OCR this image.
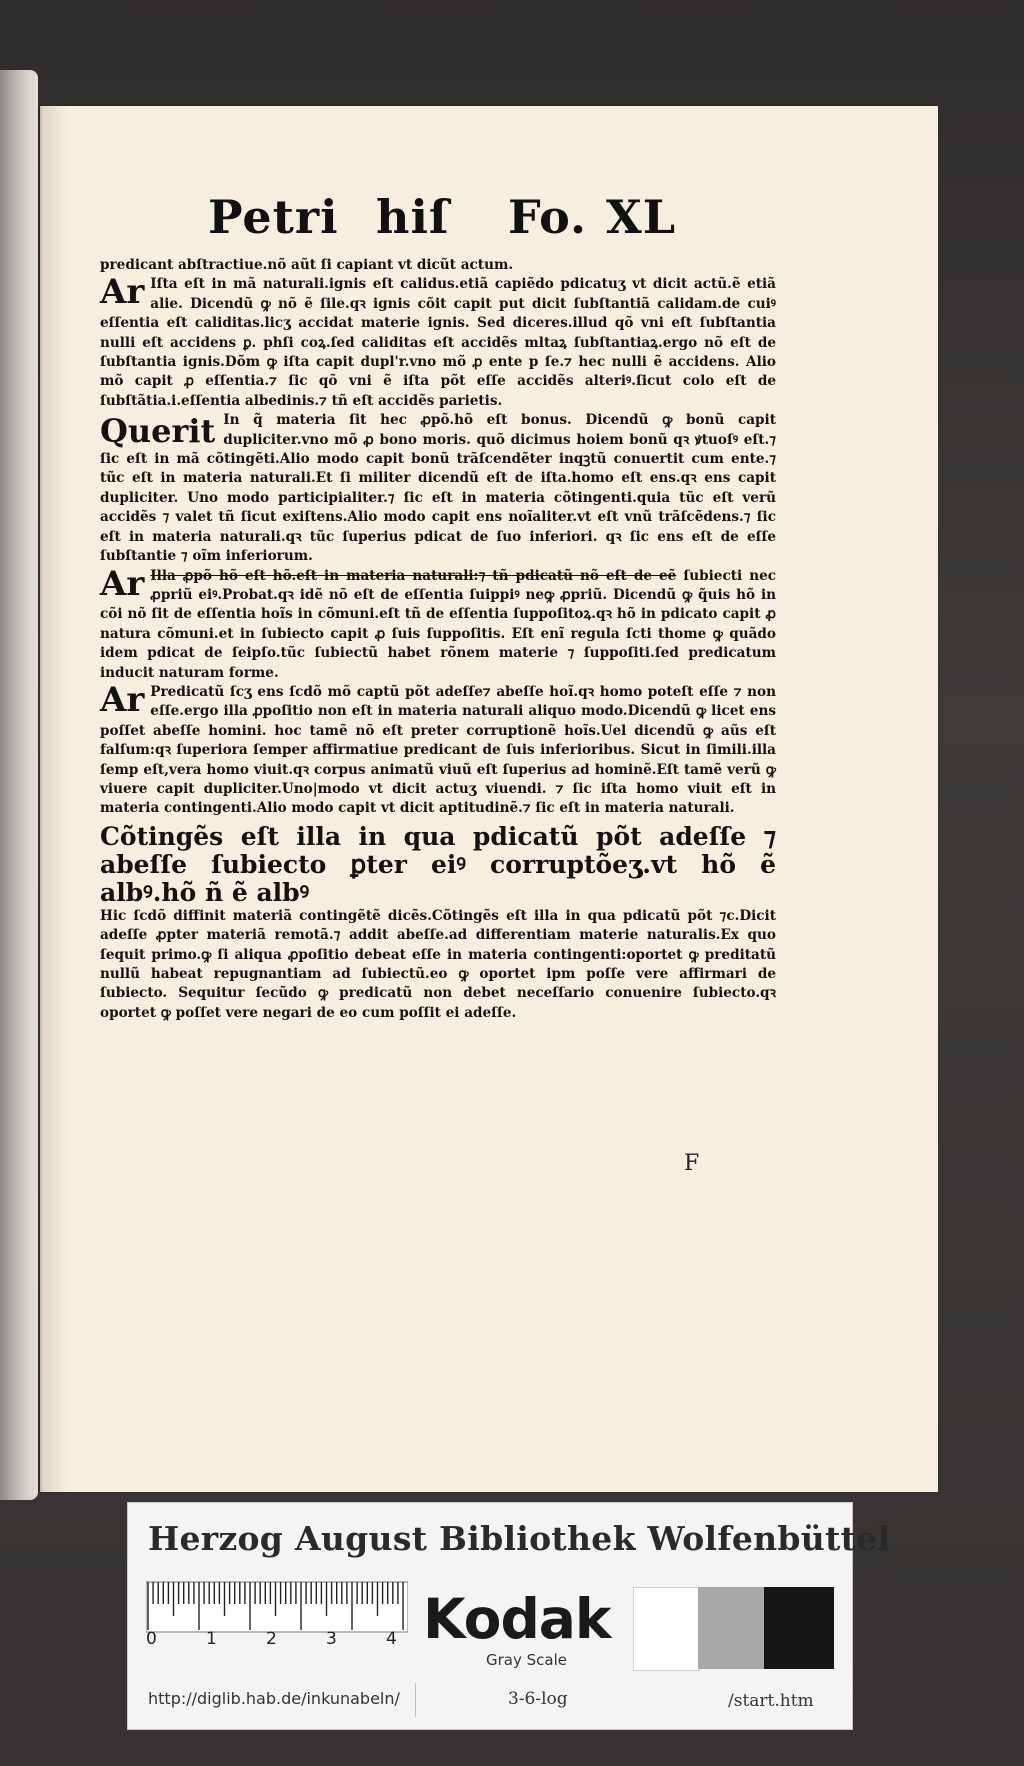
Petri hiſ Fo. XL

predicant abſtractiue.nõ aũt ſi capiant vt dicũt actum.

Ar Iſta eſt in mã naturali.ignis eſt calidus.etiã capiẽdo pdicatuʒ vt dicit actũ.ẽ etiã alie. Dicendũ ꝙ nõ ẽ ſile.qꝛ ignis cõit capit put dicit ſubſtantiã calidam.de cuiꝰ eſſentia eſt caliditas.licʒ accidat materie ignis. Sed diceres.illud qõ vni eſt ſubſtantia nulli eſt accidens ꝑ. phſi coꝝ.ſed caliditas eſt accidẽs mltaꝝ ſubſtantiaꝝ.ergo nõ eſt de ſubſtantia ignis.Dõm ꝙ iſta capit dupl'r.vno mõ ꝓ ente p ſe.⁊ hec nulli ẽ accidens. Alio mõ capit ꝓ eſſentia.⁊ ſic qõ vni ẽ iſta põt eſſe accidẽs alteriꝰ.ſicut colo eſt de ſubſtãtia.i.eſſentia albedinis.⁊ tñ eſt accidẽs parietis.

Querit In q̃ materia ſit hec ꝓpõ.hõ eſt bonus. Dicendũ ꝙ bonũ capit dupliciter.vno mõ ꝓ bono moris. quõ dicimus hoiem bonũ qꝛ ꝟtuoſꝰ eſt.⁊ ſic eſt in mã cõtingẽti.Alio modo capit bonũ trãſcendẽter inqꝫtũ conuertit cum ente.⁊ tũc eſt in materia naturali.Et ſi militer dicendũ eſt de iſta.homo eſt ens.qꝛ ens capit dupliciter. Uno modo participialiter.⁊ ſic eſt in materia cõtingenti.quia tũc eſt verũ accidẽs ⁊ valet tñ ſicut exiſtens.Alio modo capit ens noĩaliter.vt eſt vnũ trãſcẽdens.⁊ ſic eſt in materia naturali.qꝛ tũc ſuperius pdicat de ſuo inferiori. qꝛ ſic ens eſt de eſſe ſubſtantie ⁊ oĩm inferiorum.

Ar Illa ꝓpõ hõ eſt hõ.eſt in materia naturali:⁊ tñ pdicatũ nõ eſt de eẽ ſubiecti nec ꝓpriũ eiꝰ.Probat.qꝛ idẽ nõ eſt de eſſentia ſuippiꝰ neꝙ ꝓpriũ. Dicendũ ꝙ q̃uis hõ in cõi nõ ſit de eſſentia hoĩs in cõmuni.eſt tñ de eſſentia ſuppoſitoꝝ.qꝛ hõ in pdicato capit ꝓ natura cõmuni.et in ſubiecto capit ꝓ ſuis ſuppoſitis. Eſt enĩ regula ſcti thome ꝙ quãdo idem pdicat de ſeipſo.tũc ſubiectũ habet rõnem materie ⁊ ſuppoſiti.ſed predicatum inducit naturam forme.

Ar Predicatũ ſcʒ ens ſcdõ mõ captũ põt adeſſe⁊ abeſſe hoĩ.qꝛ homo poteſt eſſe ⁊ non eſſe.ergo illa ꝓpoſitio non eſt in materia naturali aliquo modo.Dicendũ ꝙ licet ens poſſet abeſſe homini. hoc tamẽ nõ eſt preter corruptionẽ hoĩs.Uel dicendũ ꝙ aũs eſt falſum:qꝛ ſuperiora ſemper affirmatiue predicant de ſuis inferioribus. Sicut in ſimili.illa ſemp eſt,vera homo viuit.qꝛ corpus animatũ viuũ eſt ſuperius ad hominẽ.Eſt tamẽ verũ ꝙ viuere capit dupliciter.Uno|modo vt dicit actuʒ viuendi. ⁊ ſic iſta homo viuit eſt in materia contingenti.Alio modo capit vt dicit aptitudinẽ.⁊ ſic eſt in materia naturali.

Cõtingẽs eſt illa in qua pdicatũ põt adeſſe ⁊ abeſſe ſubiecto ꝑter eiꝰ corruptõeʒ.vt hõ ẽ albꝰ.hõ ñ ẽ albꝰ

Hic ſcdõ diffinit materiã contingẽtẽ dicẽs.Cõtingẽs eſt illa in qua pdicatũ põt ⁊c.Dicit adeſſe ꝓpter materiã remotã.⁊ addit abeſſe.ad differentiam materie naturalis.Ex quo ſequit primo.ꝙ ſi aliqua ꝓpoſitio debeat eſſe in materia contingenti:oportet ꝙ preditatũ nullũ habeat repugnantiam ad ſubiectũ.eo ꝙ oportet ipm poſſe vere affirmari de ſubiecto. Sequitur ſecũdo ꝙ predicatũ non debet neceſſario conuenire ſubiecto.qꝛ oportet ꝙ poſſet vere negari de eo cum poſſit ei adeſſe.

F
Herzog August Bibliothek Wolfenbüttel
0	1	2	3	4 Kodak
Gray Scale
http://diglib.hab.de/inkunabeln/	3-6-log	/start.htm
